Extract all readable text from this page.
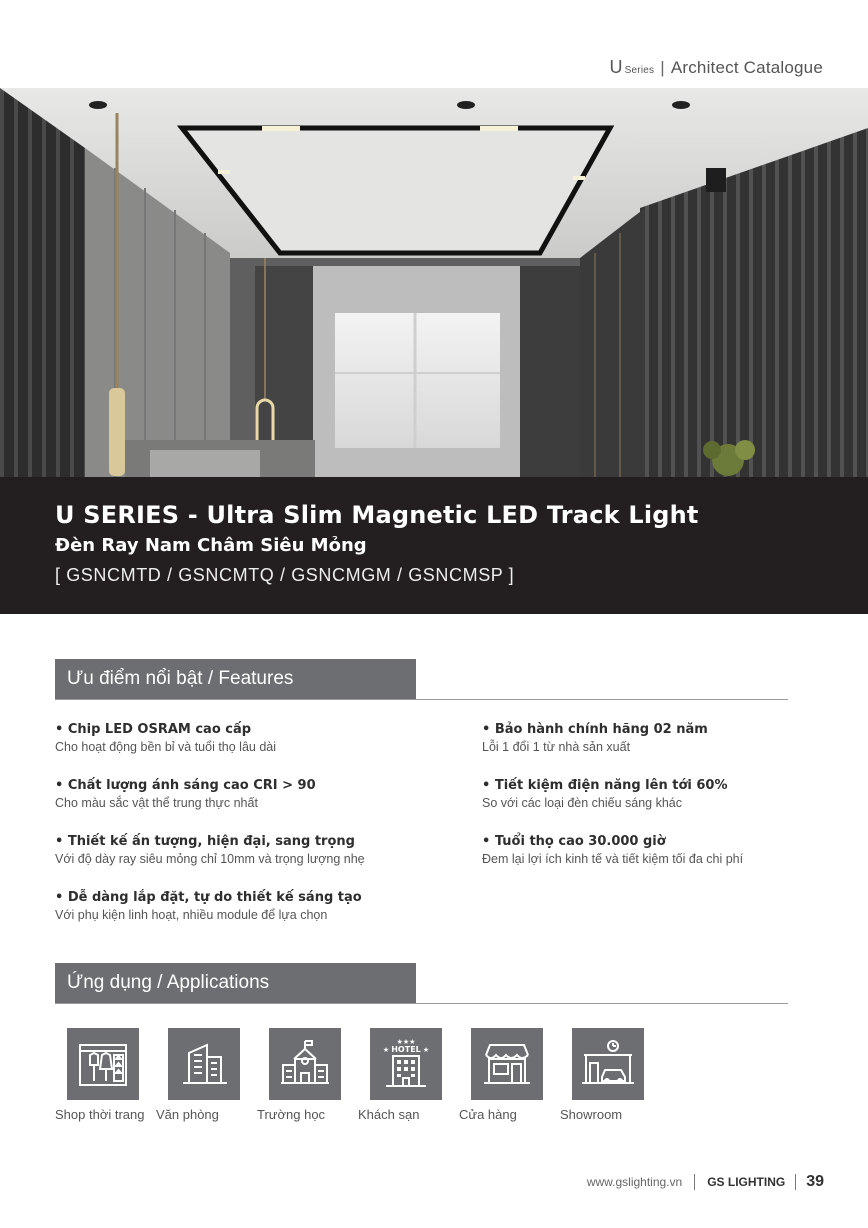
U Series | Architect Catalogue
U SERIES - Ultra Slim Magnetic LED Track Light
Đèn Ray Nam Châm Siêu Mỏng
[ GSNCMTD / GSNCMTQ / GSNCMGM / GSNCMSP ]
Ưu điểm nổi bật / Features
• Chip LED OSRAM cao cấp
Cho hoạt động bền bỉ và tuổi thọ lâu dài
• Chất lượng ánh sáng cao CRI > 90
Cho màu sắc vật thể trung thực nhất
• Thiết kế ấn tượng, hiện đại, sang trọng
Với độ dày ray siêu mỏng chỉ 10mm và trọng lượng nhẹ
• Dễ dàng lắp đặt, tự do thiết kế sáng tạo
Với phụ kiện linh hoạt, nhiều module để lựa chọn
• Bảo hành chính hãng 02 năm
Lỗi 1 đổi 1 từ nhà sản xuất
• Tiết kiệm điện năng lên tới 60%
So với các loại đèn chiếu sáng khác
• Tuổi thọ cao 30.000 giờ
Đem lại lợi ích kinh tế và tiết kiệm tối đa chi phí
Ứng dụng / Applications
Shop thời trang Văn phòng	Trường học
★★★
HOTEL
★	★
Khách sạn	Cửa hàng	Showroom
www.gslighting.vn GS LIGHTING 39
